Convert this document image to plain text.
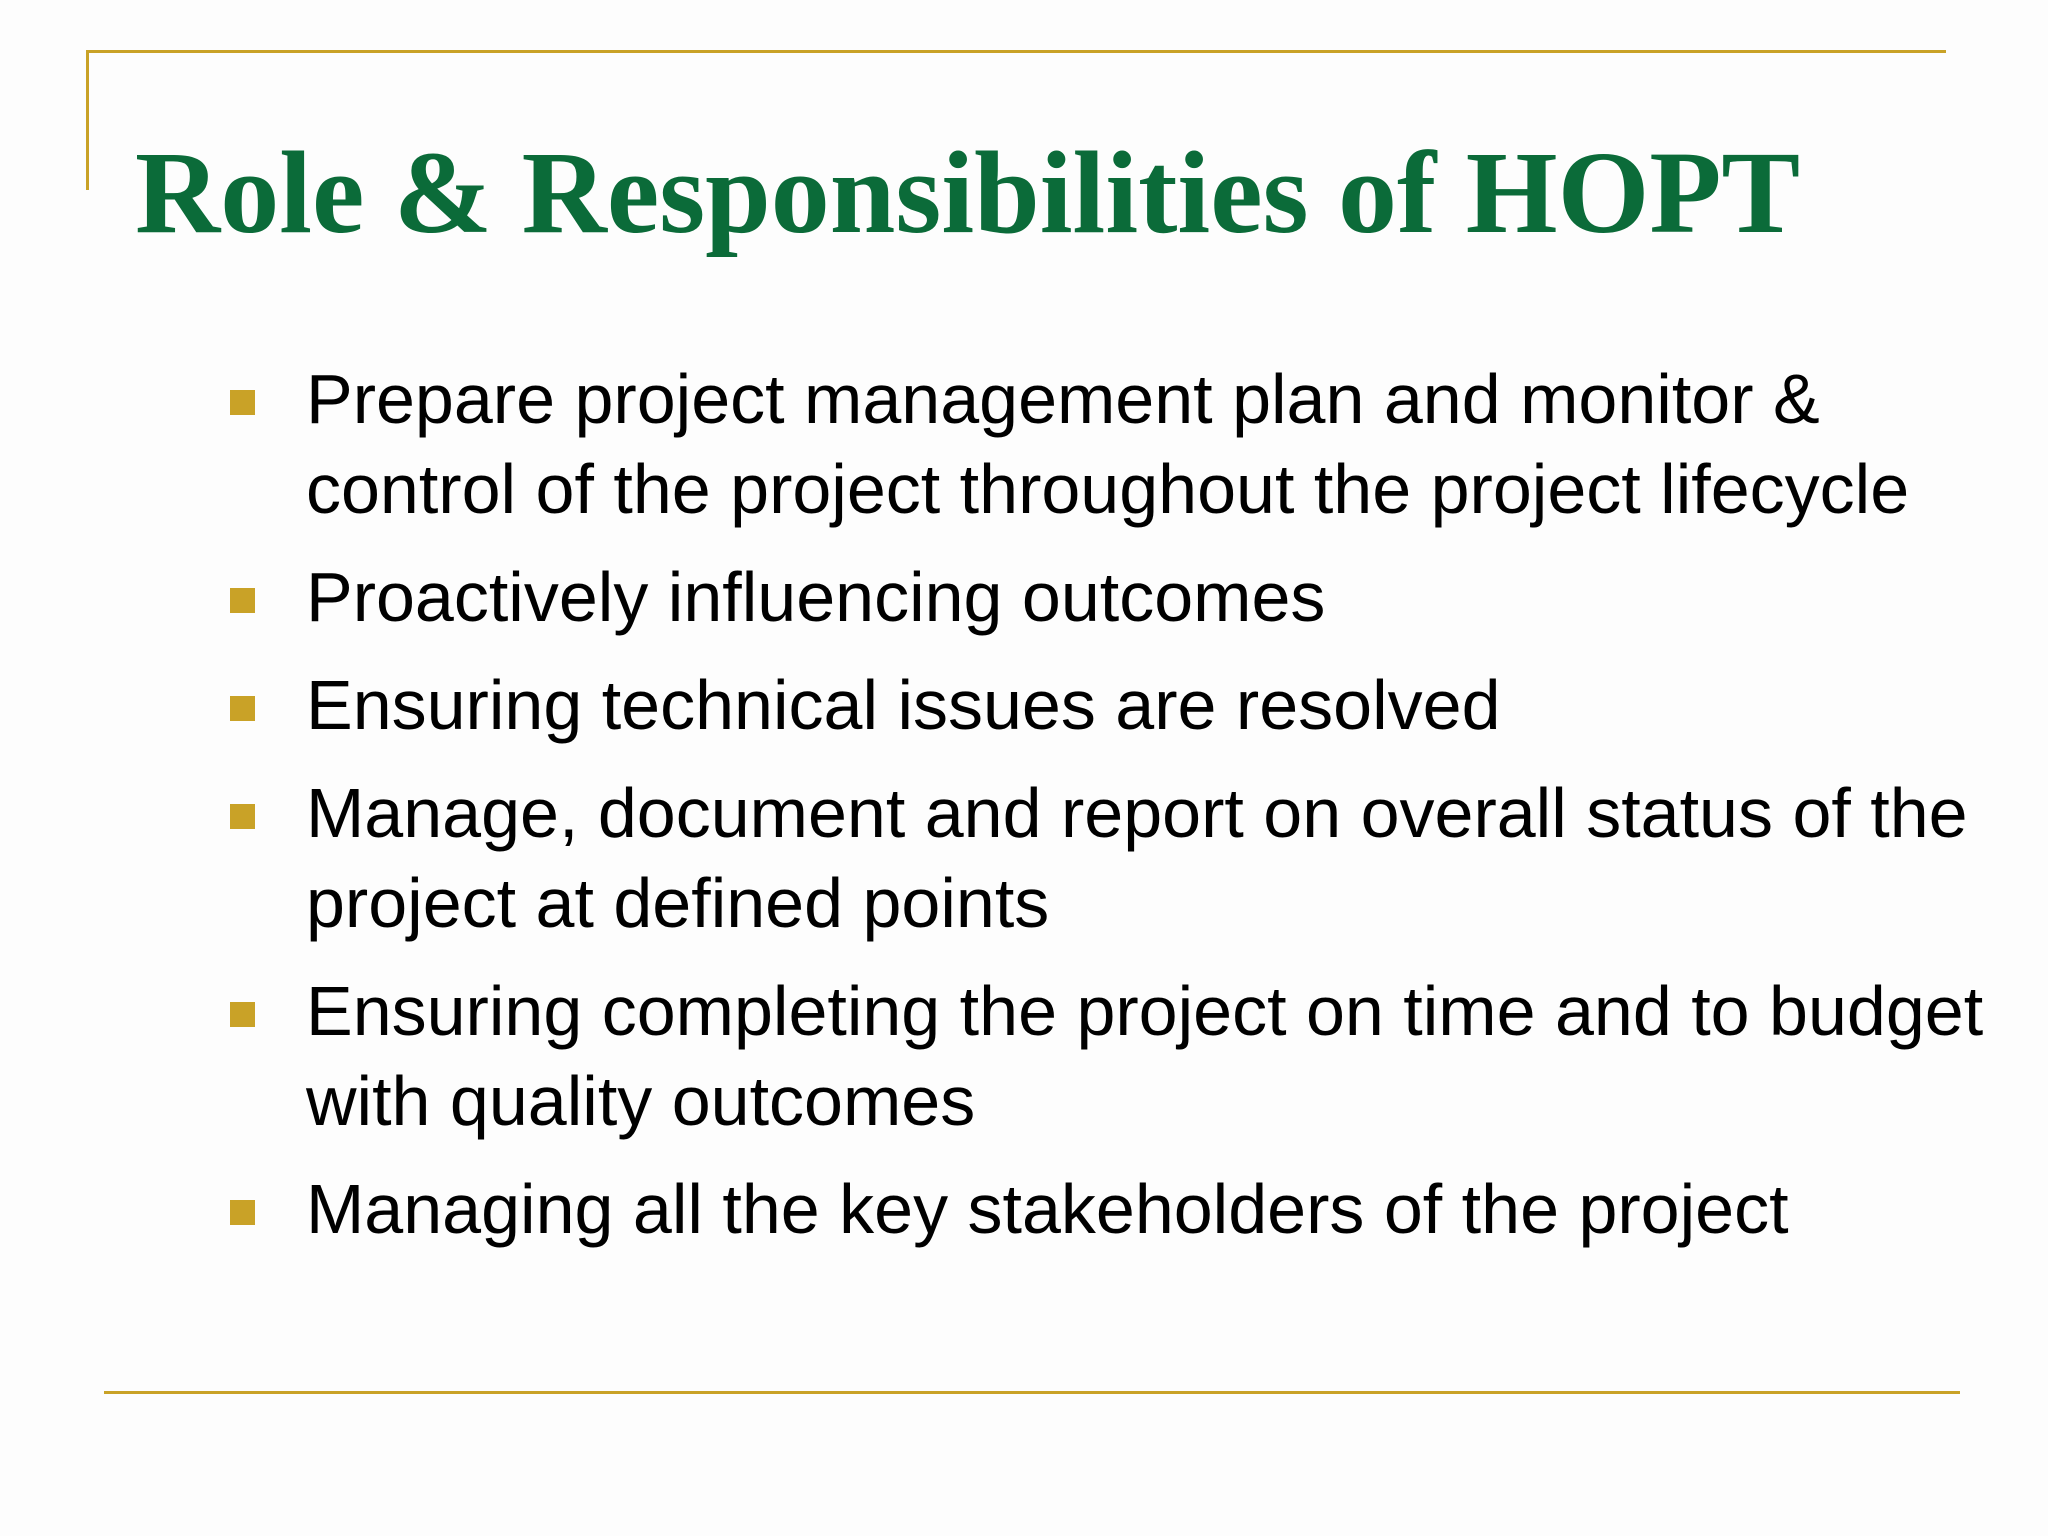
Role & Responsibilities of HOPT
Prepare project management plan and monitor & control of the project throughout the project lifecycle
Proactively influencing outcomes
Ensuring technical issues are resolved
Manage, document and report on overall status of the project at defined points
Ensuring completing the project on time and to budget with quality outcomes
Managing all the key stakeholders of the project
